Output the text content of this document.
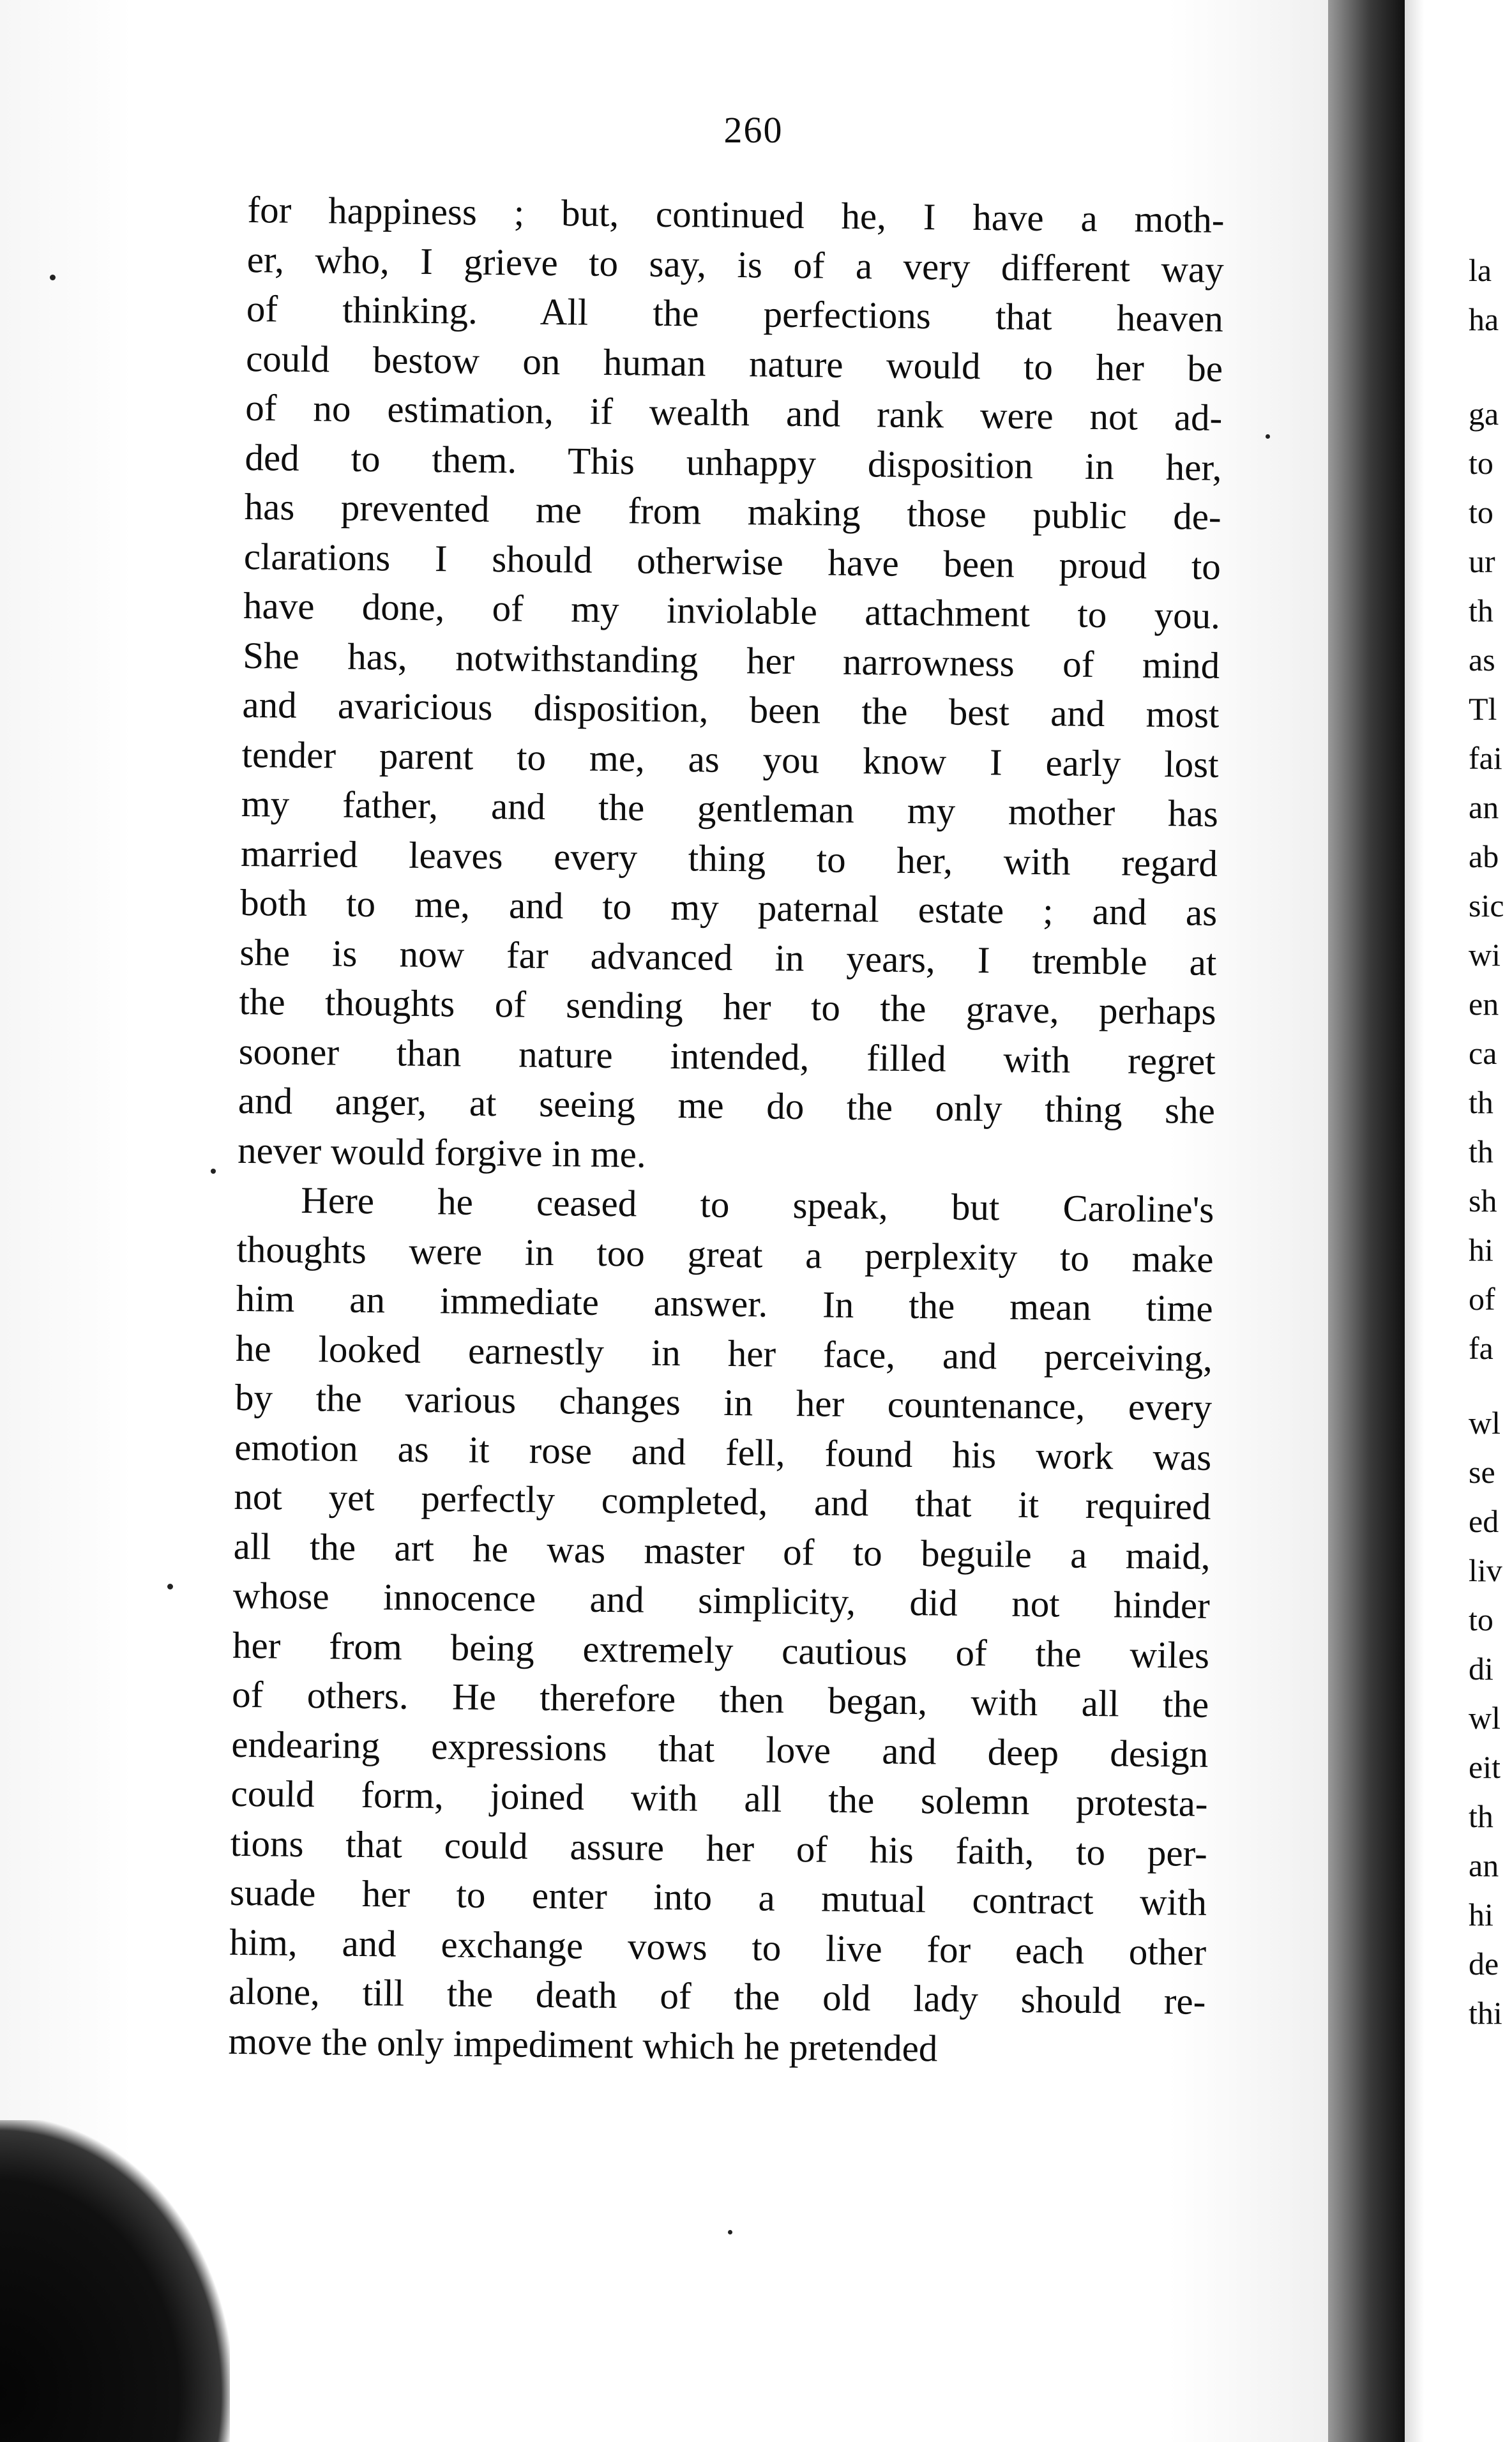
260
for happiness ; but, continued he, I have a moth-
er, who, I grieve to say, is of a very different way
of thinking. All the perfections that heaven
could bestow on human nature would to her be
of no estimation, if wealth and rank were not ad-
ded to them. This unhappy disposition in her,
has prevented me from making those public de-
clarations I should otherwise have been proud to
have done, of my inviolable attachment to you.
She has, notwithstanding her narrowness of mind
and avaricious disposition, been the best and most
tender parent to me, as you know I early lost
my father, and the gentleman my mother has
married leaves every thing to her, with regard
both to me, and to my paternal estate ; and as
she is now far advanced in years, I tremble at
the thoughts of sending her to the grave, perhaps
sooner than nature intended, filled with regret
and anger, at seeing me do the only thing she
never would forgive in me.
Here he ceased to speak, but Caroline's
thoughts were in too great a perplexity to make
him an immediate answer. In the mean time
he looked earnestly in her face, and perceiving,
by the various changes in her countenance, every
emotion as it rose and fell, found his work was
not yet perfectly completed, and that it required
all the art he was master of to beguile a maid,
whose innocence and simplicity, did not hinder
her from being extremely cautious of the wiles
of others. He therefore then began, with all the
endearing expressions that love and deep design
could form, joined with all the solemn protesta-
tions that could assure her of his faith, to per-
suade her to enter into a mutual contract with
him, and exchange vows to live for each other
alone, till the death of the old lady should re-
move the only impediment which he pretended
la
ha
ga
to
to
ur
th
as
Tl
fai
an
ab
sic
wi
en
ca
th
th
sh
hi
of
fa
wl
se
ed
liv
to
di
wl
eit
th
an
hi
de
thi
